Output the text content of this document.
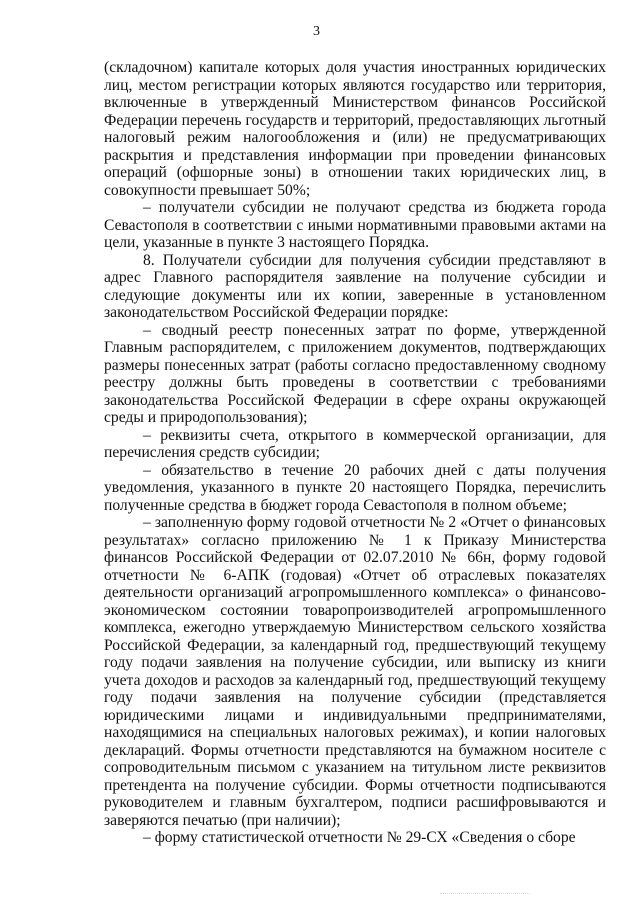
3

(складочном) капитале которых доля участия иностранных юридических лиц, местом регистрации которых являются государство или территория, включенные в утвержденный Министерством финансов Российской Федерации перечень государств и территорий, предоставляющих льготный налоговый режим налогообложения и (или) не предусматривающих раскрытия и представления информации при проведении финансовых операций (офшорные зоны) в отношении таких юридических лиц, в совокупности превышает 50%;

– получатели субсидии не получают средства из бюджета города Севастополя в соответствии с иными нормативными правовыми актами на цели, указанные в пункте 3 настоящего Порядка.

8. Получатели субсидии для получения субсидии представляют в адрес Главного распорядителя заявление на получение субсидии и следующие документы или их копии, заверенные в установленном законодательством Российской Федерации порядке:

– сводный реестр понесенных затрат по форме, утвержденной Главным распорядителем, с приложением документов, подтверждающих размеры понесенных затрат (работы согласно предоставленному сводному реестру должны быть проведены в соответствии с требованиями законодательства Российской Федерации в сфере охраны окружающей среды и природопользования);

– реквизиты счета, открытого в коммерческой организации, для перечисления средств субсидии;

– обязательство в течение 20 рабочих дней с даты получения уведомления, указанного в пункте 20 настоящего Порядка, перечислить полученные средства в бюджет города Севастополя в полном объеме;

– заполненную форму годовой отчетности № 2 «Отчет о финансовых результатах» согласно приложению № 1 к Приказу Министерства финансов Российской Федерации от 02.07.2010 № 66н, форму годовой отчетности № 6-АПК (годовая) «Отчет об отраслевых показателях деятельности организаций агропромышленного комплекса» о финансово-экономическом состоянии товаропроизводителей агропромышленного комплекса, ежегодно утверждаемую Министерством сельского хозяйства Российской Федерации, за календарный год, предшествующий текущему году подачи заявления на получение субсидии, или выписку из книги учета доходов и расходов за календарный год, предшествующий текущему году подачи заявления на получение субсидии (представляется юридическими лицами и индивидуальными предпринимателями, находящимися на специальных налоговых режимах), и копии налоговых деклараций. Формы отчетности представляются на бумажном носителе с сопроводительным письмом с указанием на титульном листе реквизитов претендента на получение субсидии. Формы отчетности подписываются руководителем и главным бухгалтером, подписи расшифровываются и заверяются печатью (при наличии);

– форму статистической отчетности № 29-СХ «Сведения о сборе
